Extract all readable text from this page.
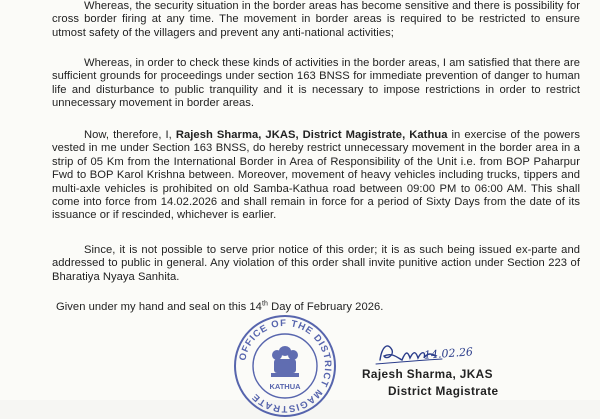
Whereas, the security situation in the border areas has become sensitive and there is possibility for cross border firing at any time. The movement in border areas is required to be restricted to ensure utmost safety of the villagers and prevent any anti-national activities;
Whereas, in order to check these kinds of activities in the border areas, I am satisfied that there are sufficient grounds for proceedings under section 163 BNSS for immediate prevention of danger to human life and disturbance to public tranquility and it is necessary to impose restrictions in order to restrict unnecessary movement in border areas.
Now, therefore, I, Rajesh Sharma, JKAS, District Magistrate, Kathua in exercise of the powers vested in me under Section 163 BNSS, do hereby restrict unnecessary movement in the border area in a strip of 05 Km from the International Border in Area of Responsibility of the Unit i.e. from BOP Paharpur Fwd to BOP Karol Krishna between. Moreover, movement of heavy vehicles including trucks, tippers and multi-axle vehicles is prohibited on old Samba-Kathua road between 09:00 PM to 06:00 AM. This shall come into force from 14.02.2026 and shall remain in force for a period of Sixty Days from the date of its issuance or if rescinded, whichever is earlier.
Since, it is not possible to serve prior notice of this order; it is as such being issued ex-parte and addressed to public in general. Any violation of this order shall invite punitive action under Section 223 of Bharatiya Nyaya Sanhita.
Given under my hand and seal on this 14th Day of February 2026.
OFFICE OF THE DISTRICT MAGISTRATE
KATHUA
14.02.26
Rajesh Sharma, JKAS
District Magistrate
